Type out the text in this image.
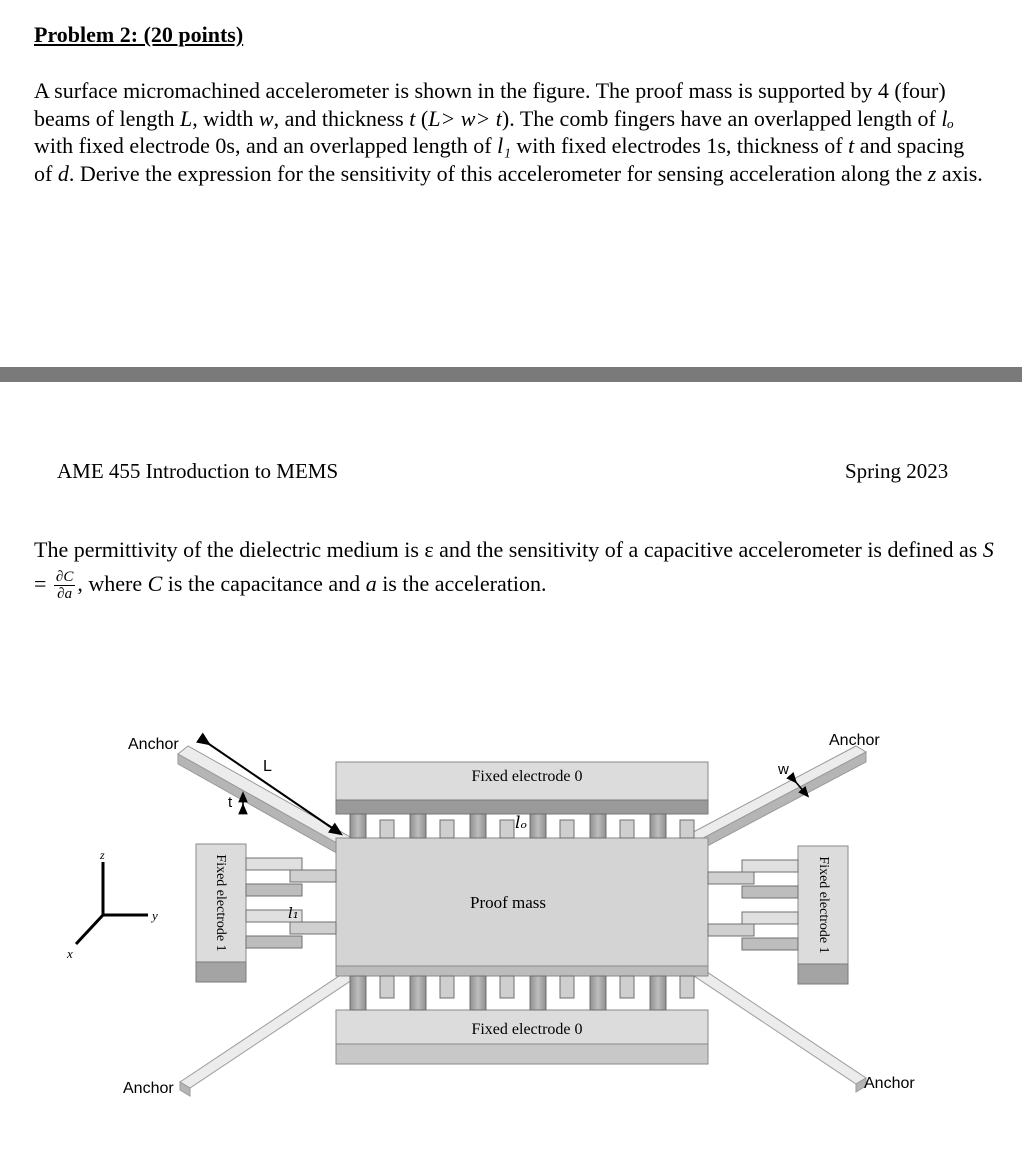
Problem 2: (20 points)
A surface micromachined accelerometer is shown in the figure. The proof mass is supported by 4 (four) beams of length L, width w, and thickness t (L> w> t). The comb fingers have an overlapped length of lₒ with fixed electrode 0s, and an overlapped length of l₁ with fixed electrodes 1s, thickness of t and spacing of d. Derive the expression for the sensitivity of this accelerometer for sensing acceleration along the z axis.
AME 455 Introduction to MEMS	Spring 2023
The permittivity of the dielectric medium is ε and the sensitivity of a capacitive accelerometer is defined as $S = \frac{\partial C}{\partial a}$ , where C is the capacitance and a is the acceleration.
z
y
x
Anchor	Anchor
Anchor	Anchor
L
t
w
Fixed electrode 0
Fixed electrode 0
Proof mass
Fixed electrode 1	Fixed electrode 1
lₒ
l₁
